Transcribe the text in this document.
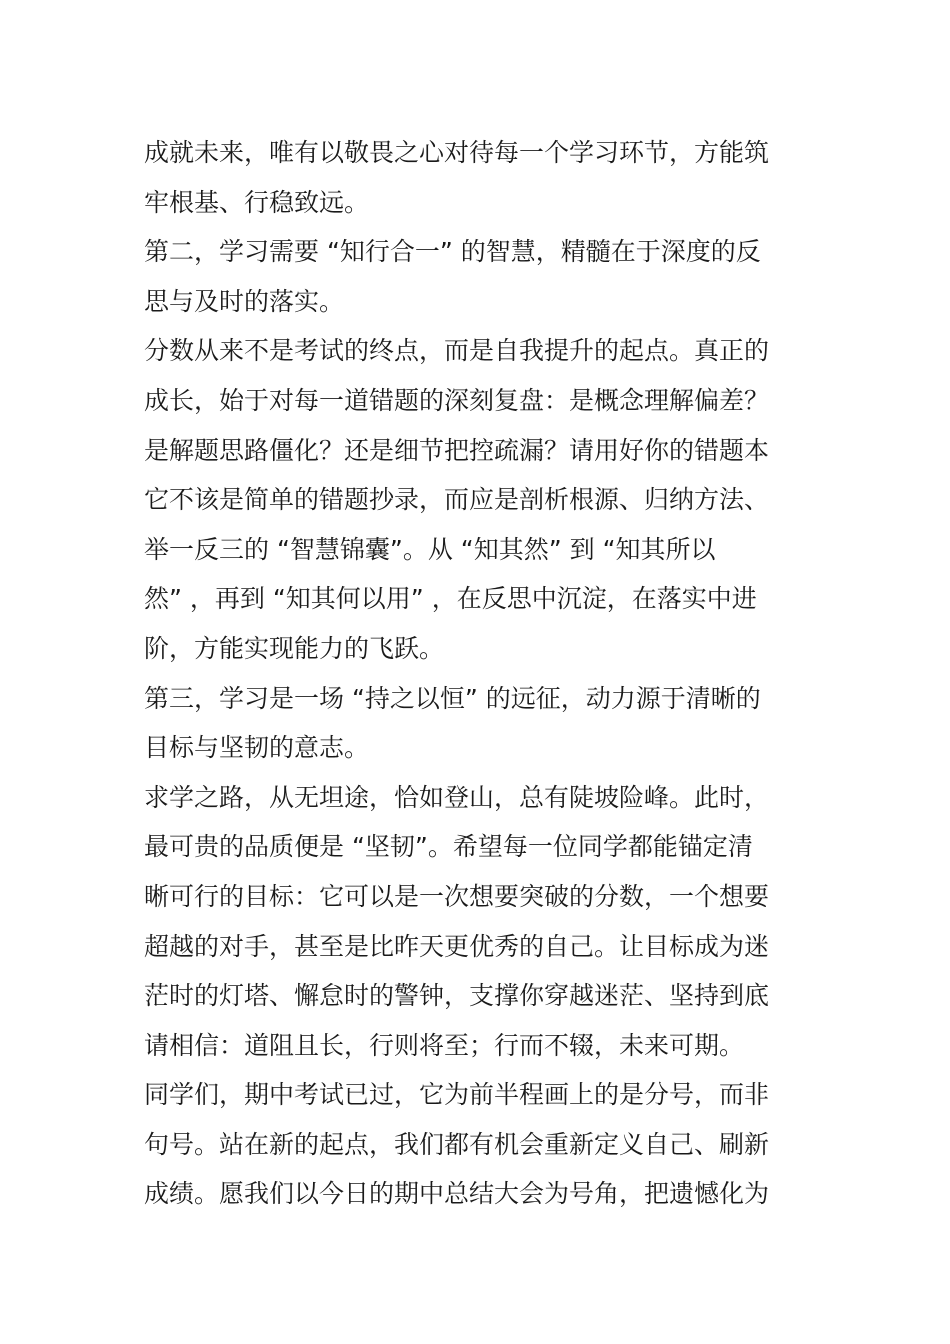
成就未来，唯有以敬畏之心对待每一个学习环节，方能筑
牢根基、行稳致远。
第二，学习需要 “知行合一” 的智慧，精髓在于深度的反
思与及时的落实。
分数从来不是考试的终点，而是自我提升的起点。真正的
成长，始于对每一道错题的深刻复盘：是概念理解偏差？
是解题思路僵化？还是细节把控疏漏？请用好你的错题本
它不该是简单的错题抄录，而应是剖析根源、归纳方法、
举一反三的 “智慧锦囊”。从 “知其然” 到 “知其所以
然” ，再到 “知其何以用” ，在反思中沉淀，在落实中进
阶，方能实现能力的飞跃。
第三，学习是一场 “持之以恒” 的远征，动力源于清晰的
目标与坚韧的意志。
求学之路，从无坦途，恰如登山，总有陡坡险峰。此时，
最可贵的品质便是 “坚韧”。希望每一位同学都能锚定清
晰可行的目标：它可以是一次想要突破的分数，一个想要
超越的对手，甚至是比昨天更优秀的自己。让目标成为迷
茫时的灯塔、懈怠时的警钟，支撑你穿越迷茫、坚持到底
请相信：道阻且长，行则将至；行而不辍，未来可期。
同学们，期中考试已过，它为前半程画上的是分号，而非
句号。站在新的起点，我们都有机会重新定义自己、刷新
成绩。愿我们以今日的期中总结大会为号角，把遗憾化为
